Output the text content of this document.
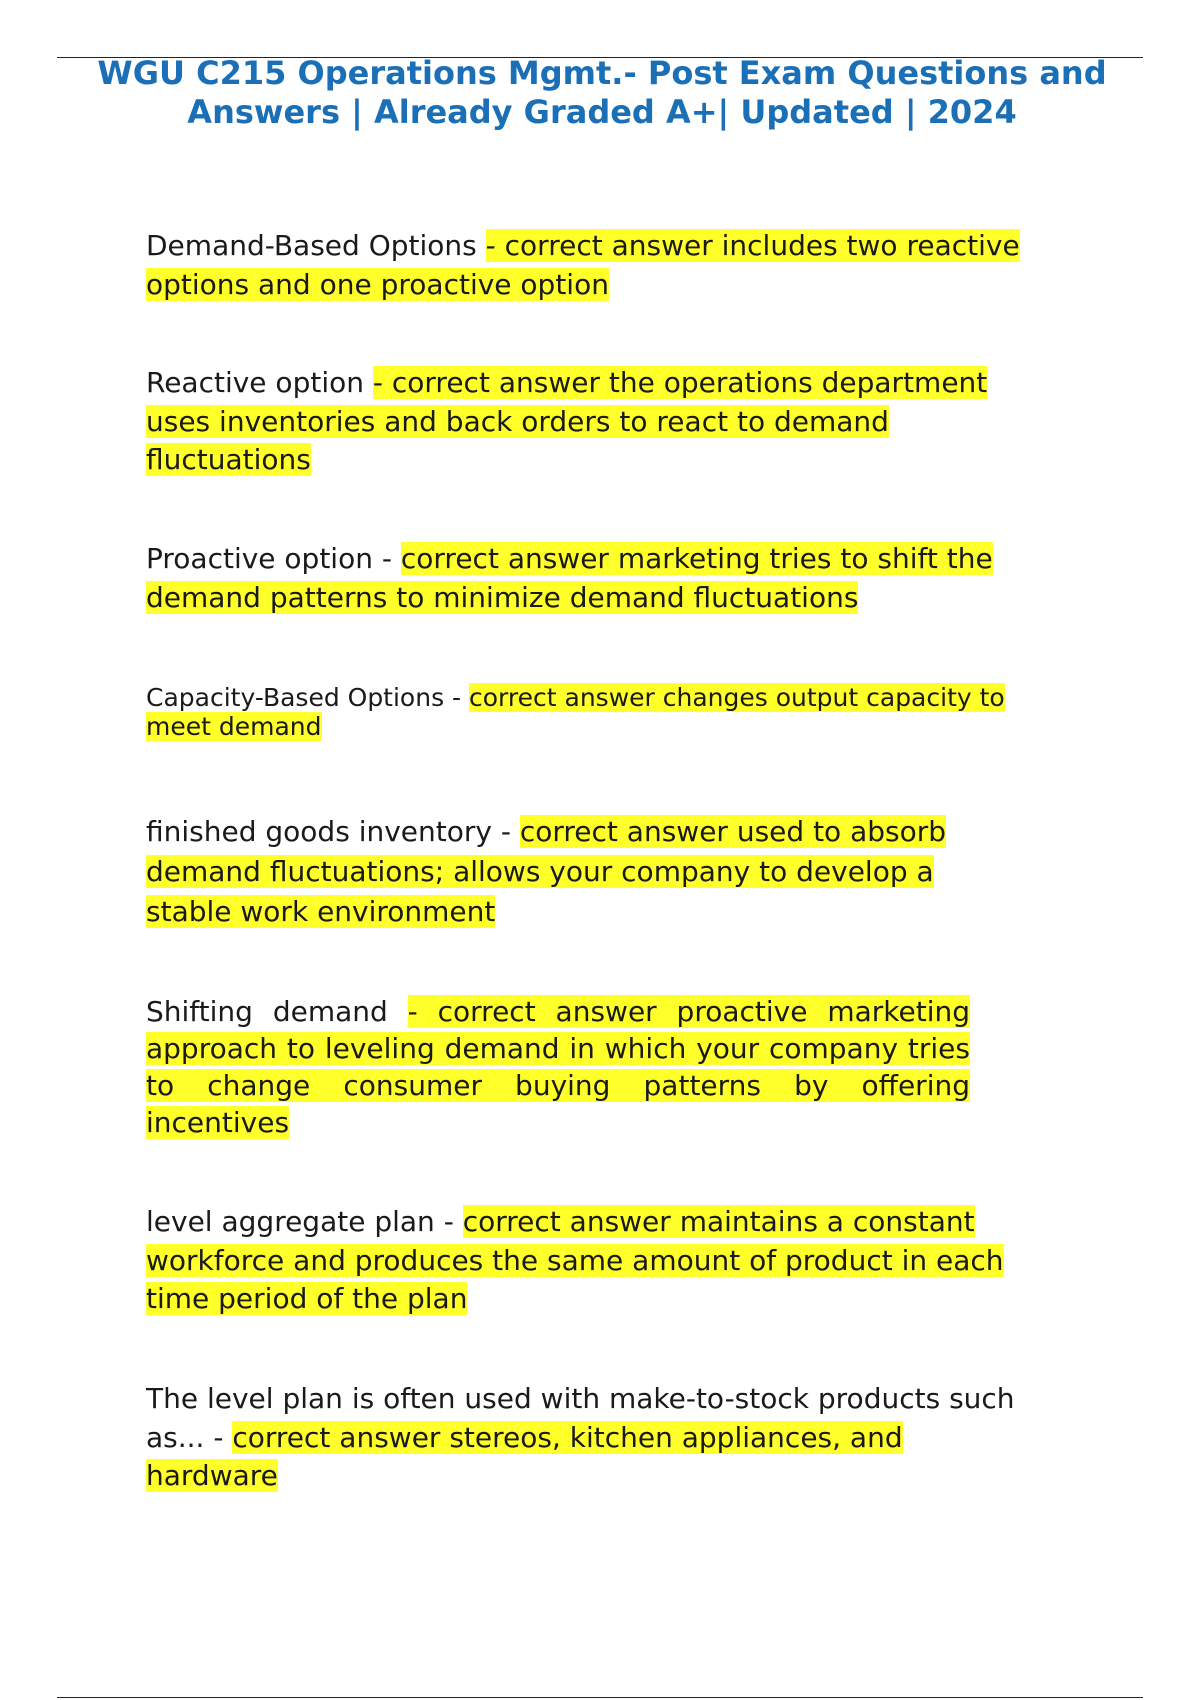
WGU C215 Operations Mgmt.- Post Exam Questions and
Answers | Already Graded A+| Updated | 2024

Demand-Based Options - correct answer includes two reactive options and one proactive option

Reactive option - correct answer the operations department uses inventories and back orders to react to demand fluctuations

Proactive option - correct answer marketing tries to shift the demand patterns to minimize demand fluctuations

Capacity-Based Options - correct answer changes output capacity to meet demand

finished goods inventory - correct answer used to absorb demand fluctuations; allows your company to develop a stable work environment

Shifting demand - correct answer proactive marketing approach to leveling demand in which your company tries to change consumer buying patterns by offering incentives

level aggregate plan - correct answer maintains a constant workforce and produces the same amount of product in each time period of the plan

The level plan is often used with make-to-stock products such as... - correct answer stereos, kitchen appliances, and hardware
